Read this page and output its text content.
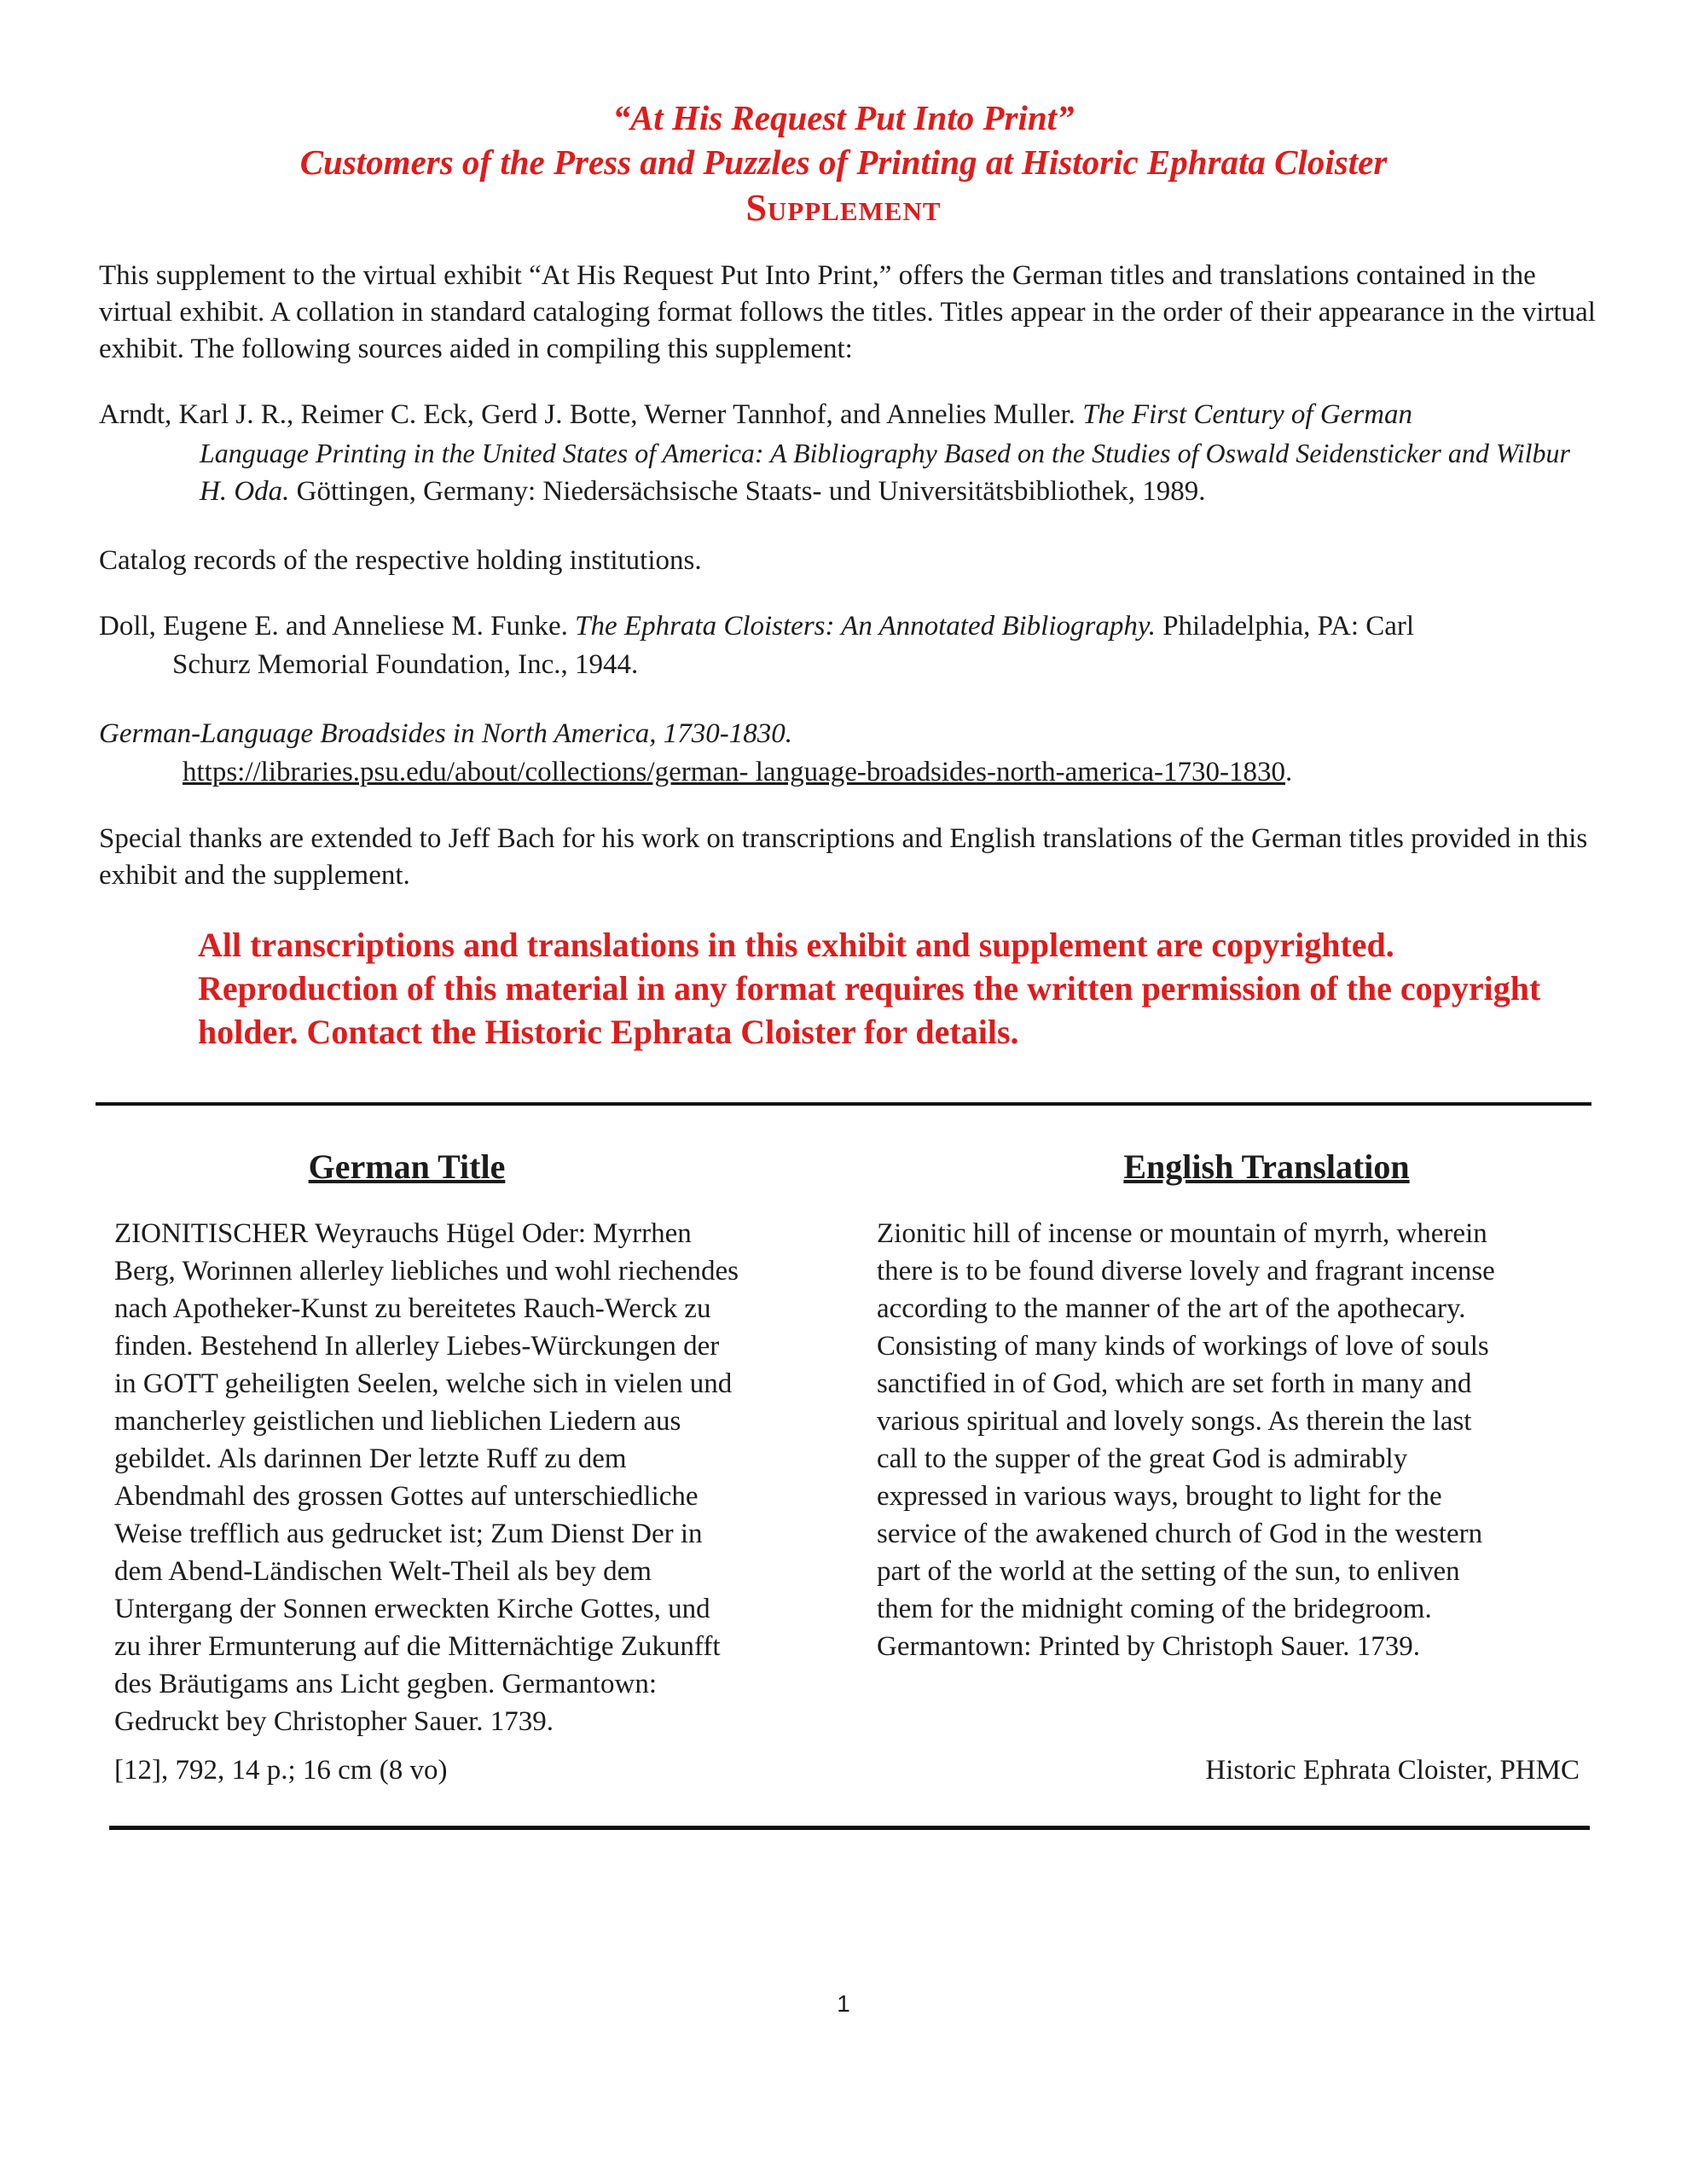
“At His Request Put Into Print”
Customers of the Press and Puzzles of Printing at Historic Ephrata Cloister
Supplement
This supplement to the virtual exhibit “At His Request Put Into Print,” offers the German titles and translations contained in the virtual exhibit. A collation in standard cataloging format follows the titles. Titles appear in the order of their appearance in the virtual exhibit. The following sources aided in compiling this supplement:
Arndt, Karl J. R., Reimer C. Eck, Gerd J. Botte, Werner Tannhof, and Annelies Muller. The First Century of German
Language Printing in the United States of America: A Bibliography Based on the Studies of Oswald Seidensticker and Wilbur
H. Oda. Göttingen, Germany: Niedersächsische Staats- und Universitätsbibliothek, 1989.
Catalog records of the respective holding institutions.
Doll, Eugene E. and Anneliese M. Funke. The Ephrata Cloisters: An Annotated Bibliography. Philadelphia, PA: Carl
Schurz Memorial Foundation, Inc., 1944.
German-Language Broadsides in North America, 1730-1830.
https://libraries.psu.edu/about/collections/german- language-broadsides-north-america-1730-1830.
Special thanks are extended to Jeff Bach for his work on transcriptions and English translations of the German titles provided in this exhibit and the supplement.
All transcriptions and translations in this exhibit and supplement are copyrighted. Reproduction of this material in any format requires the written permission of the copyright holder. Contact the Historic Ephrata Cloister for details.
German Title	English Translation
ZIONITISCHER Weyrauchs Hügel Oder: Myrrhen
Berg, Worinnen allerley liebliches und wohl riechendes
nach Apotheker-Kunst zu bereitetes Rauch-Werck zu
finden. Bestehend In allerley Liebes-Würckungen der
in GOTT geheiligten Seelen, welche sich in vielen und
mancherley geistlichen und lieblichen Liedern aus
gebildet. Als darinnen Der letzte Ruff zu dem
Abendmahl des grossen Gottes auf unterschiedliche
Weise trefflich aus gedrucket ist; Zum Dienst Der in
dem Abend-Ländischen Welt-Theil als bey dem
Untergang der Sonnen erweckten Kirche Gottes, und
zu ihrer Ermunterung auf die Mitternächtige Zukunfft
des Bräutigams ans Licht gegben. Germantown:
Gedruckt bey Christopher Sauer. 1739.
Zionitic hill of incense or mountain of myrrh, wherein
there is to be found diverse lovely and fragrant incense
according to the manner of the art of the apothecary.
Consisting of many kinds of workings of love of souls
sanctified in of God, which are set forth in many and
various spiritual and lovely songs. As therein the last
call to the supper of the great God is admirably
expressed in various ways, brought to light for the
service of the awakened church of God in the western
part of the world at the setting of the sun, to enliven
them for the midnight coming of the bridegroom.
Germantown: Printed by Christoph Sauer. 1739.
[12], 792, 14 p.; 16 cm (8 vo)	Historic Ephrata Cloister, PHMC
1
